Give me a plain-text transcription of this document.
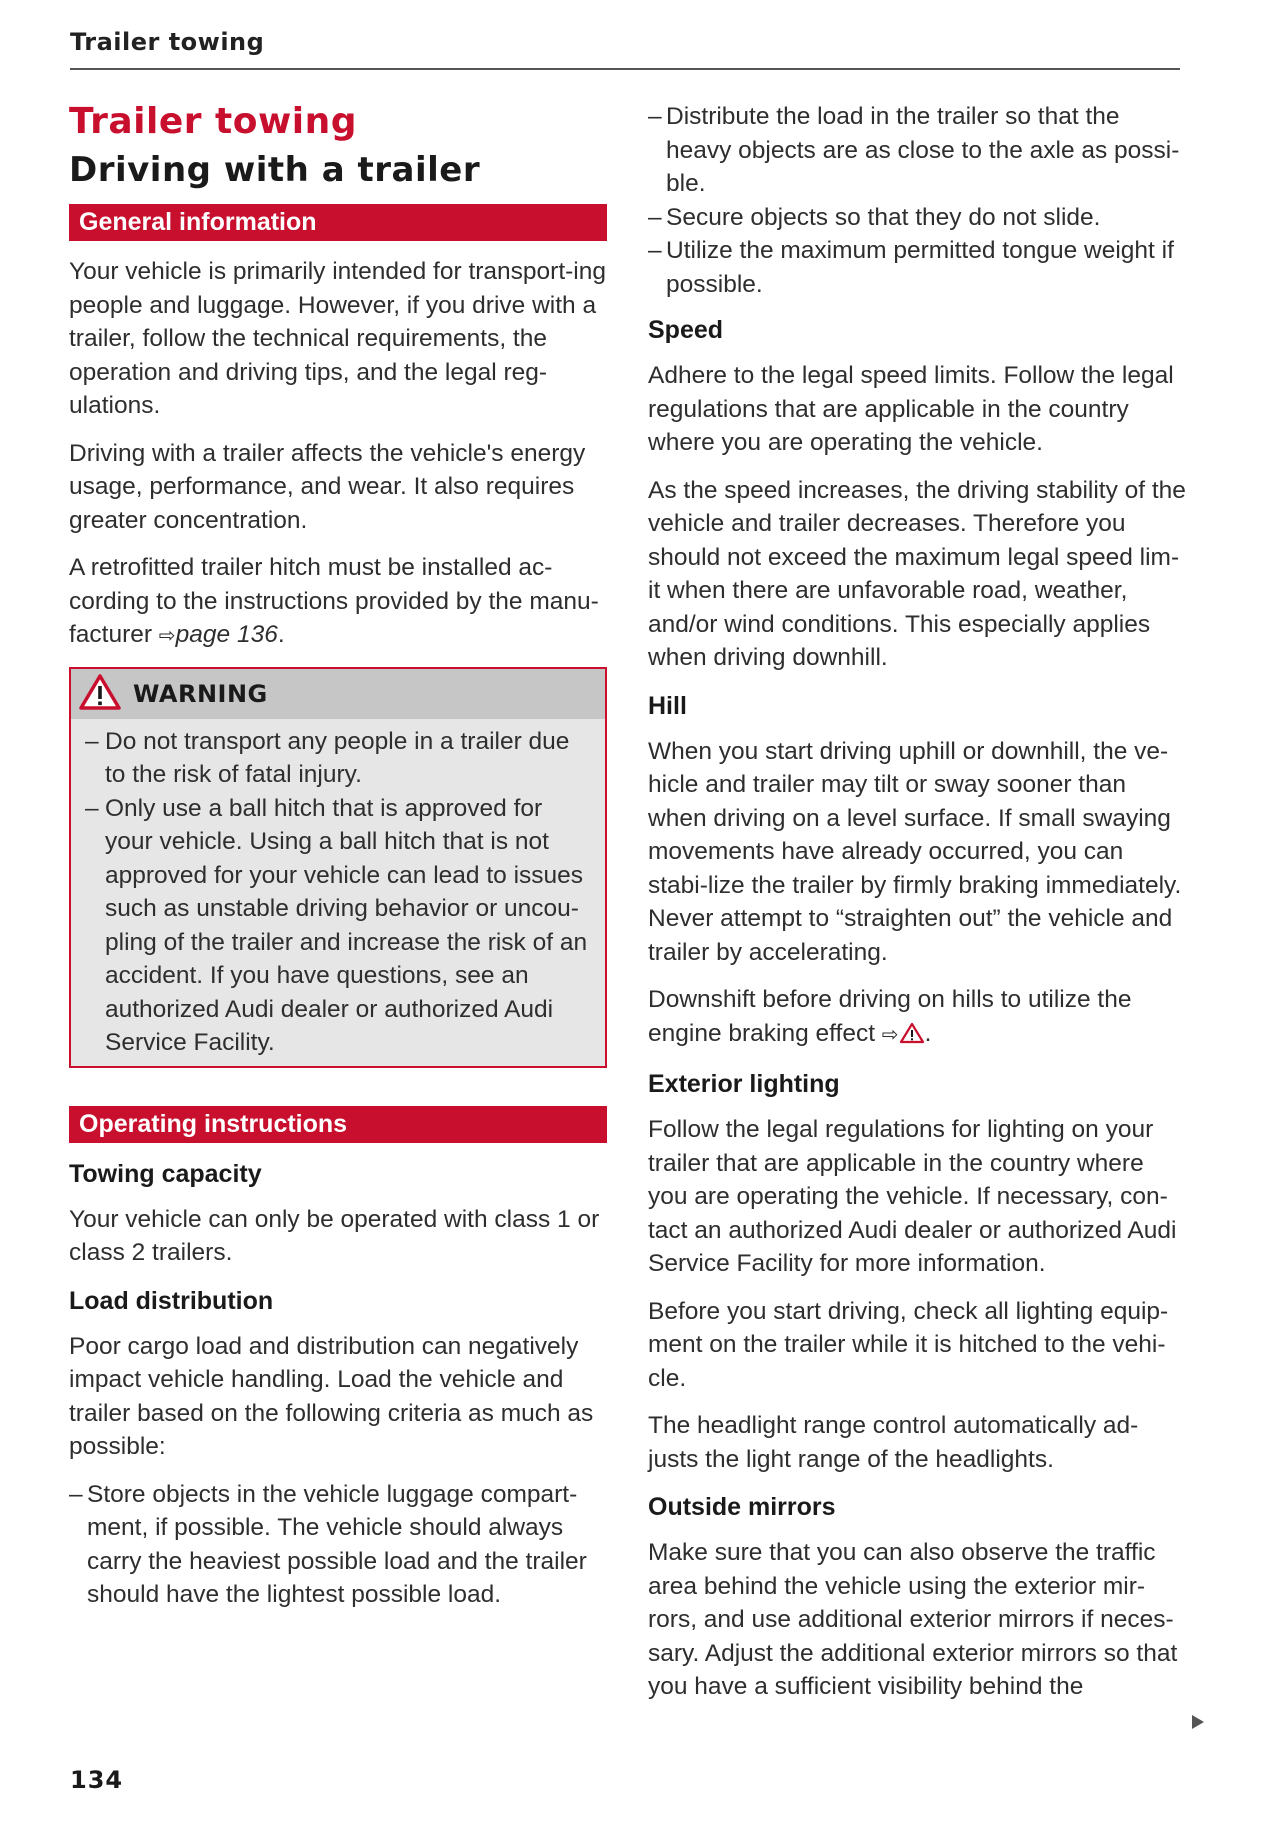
Trailer towing
Trailer towing
Driving with a trailer
General information

Your vehicle is primarily intended for transport-ing people and luggage. However, if you drive with a trailer, follow the technical requirements, the operation and driving tips, and the legal reg-ulations.

Driving with a trailer affects the vehicle's energy usage, performance, and wear. It also requires greater concentration.

A retrofitted trailer hitch must be installed ac-cording to the instructions provided by the manu-facturer ⇨page 136.

WARNING
– Do not transport any people in a trailer due to the risk of fatal injury.
– Only use a ball hitch that is approved for your vehicle. Using a ball hitch that is not approved for your vehicle can lead to issues such as unstable driving behavior or uncou-pling of the trailer and increase the risk of an accident. If you have questions, see an authorized Audi dealer or authorized Audi Service Facility.
Operating instructions
Towing capacity

Your vehicle can only be operated with class 1 or class 2 trailers.

Load distribution

Poor cargo load and distribution can negatively impact vehicle handling. Load the vehicle and trailer based on the following criteria as much as possible:

– Store objects in the vehicle luggage compart-ment, if possible. The vehicle should always carry the heaviest possible load and the trailer should have the lightest possible load.
– Distribute the load in the trailer so that the heavy objects are as close to the axle as possi-ble.
– Secure objects so that they do not slide.
– Utilize the maximum permitted tongue weight if possible.
Speed

Adhere to the legal speed limits. Follow the legal regulations that are applicable in the country where you are operating the vehicle.

As the speed increases, the driving stability of the vehicle and trailer decreases. Therefore you should not exceed the maximum legal speed lim-it when there are unfavorable road, weather, and/or wind conditions. This especially applies when driving downhill.

Hill

When you start driving uphill or downhill, the ve-hicle and trailer may tilt or sway sooner than when driving on a level surface. If small swaying movements have already occurred, you can stabi-lize the trailer by firmly braking immediately. Never attempt to “straighten out” the vehicle and trailer by accelerating.

Downshift before driving on hills to utilize the engine braking effect ⇨ .

Exterior lighting

Follow the legal regulations for lighting on your trailer that are applicable in the country where you are operating the vehicle. If necessary, con-tact an authorized Audi dealer or authorized Audi Service Facility for more information.

Before you start driving, check all lighting equip-ment on the trailer while it is hitched to the vehi-cle.

The headlight range control automatically ad-justs the light range of the headlights.

Outside mirrors

Make sure that you can also observe the traffic area behind the vehicle using the exterior mir-rors, and use additional exterior mirrors if neces-sary. Adjust the additional exterior mirrors so that you have a sufficient visibility behind the

134
